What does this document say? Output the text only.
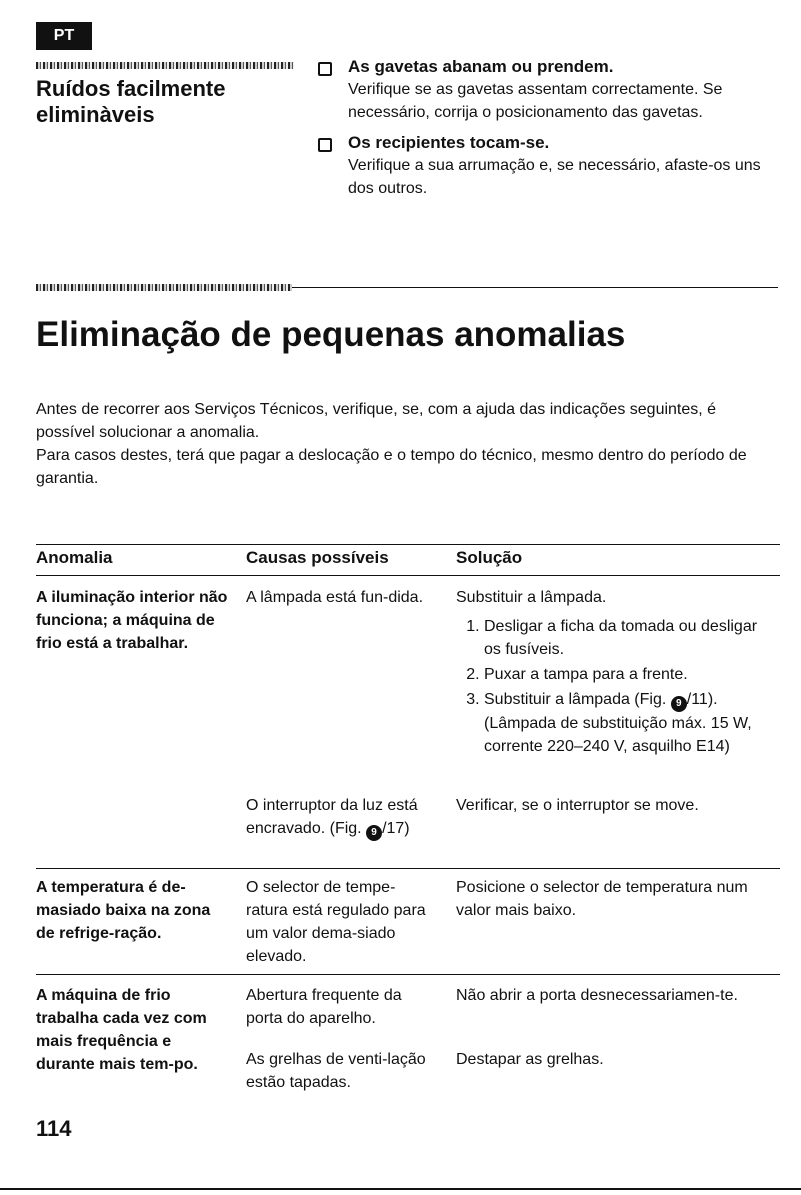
PT
Ruídos facilmente eliminàveis
As gavetas abanam ou prendem.
Verifique se as gavetas assentam correctamente. Se necessário, corrija o posicionamento das gavetas.
Os recipientes tocam-se.
Verifique a sua arrumação e, se necessário, afaste-os uns dos outros.
Eliminação de pequenas anomalias

Antes de recorrer aos Serviços Técnicos, verifique, se, com a ajuda das indicações seguintes, é possível solucionar a anomalia.

Para casos destes, terá que pagar a deslocação e o tempo do técnico, mesmo dentro do período de garantia.

Anomalia	Causas possíveis	Solução
A iluminação interior não funciona; a máquina de frio está a trabalhar.
A lâmpada está fun-dida. Substituir a lâmpada.
1. Desligar a ficha da tomada ou desligar os fusíveis.
2. Puxar a tampa para a frente.
3. Substituir a lâmpada (Fig. 9 /11). (Lâmpada de substituição máx. 15 W, corrente 220–240 V, asquilho E14)
O interruptor da luz está encravado. (Fig. 9 /17)
Verificar, se o interruptor se move.
A temperatura é de-masiado baixa na zona de refrige-ração.
O selector de tempe-ratura está regulado para um valor dema-siado elevado.
Posicione o selector de temperatura num valor mais baixo.
A máquina de frio trabalha cada vez com mais frequência e durante mais tem-po.
Abertura frequente da porta do aparelho.
Não abrir a porta desnecessariamen-te.
As grelhas de venti-lação estão tapadas.
Destapar as grelhas.
114
